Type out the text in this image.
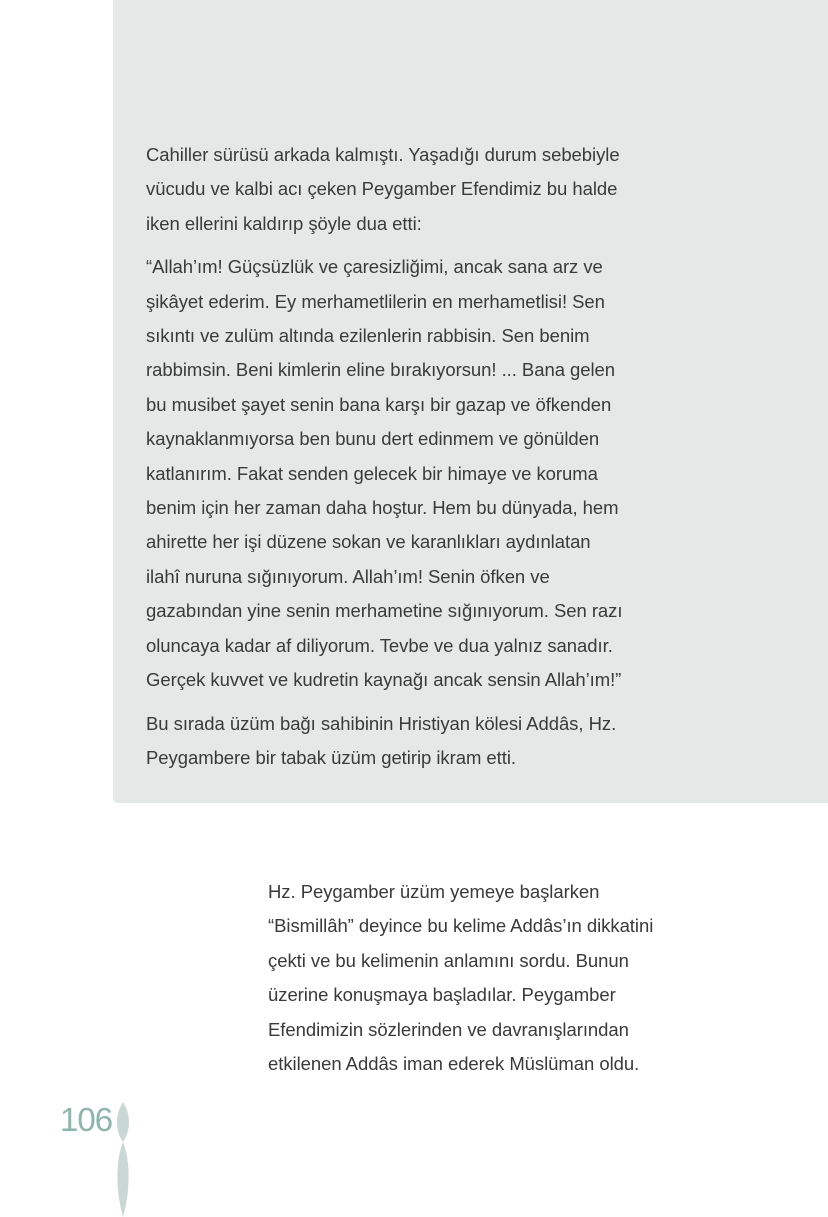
Cahiller sürüsü arkada kalmıştı. Yaşadığı durum sebebiyle
vücudu ve kalbi acı çeken Peygamber Efendimiz bu halde
iken ellerini kaldırıp şöyle dua etti:

“Allah’ım! Güçsüzlük ve çaresizliğimi, ancak sana arz ve
şikâyet ederim. Ey merhametlilerin en merhametlisi! Sen
sıkıntı ve zulüm altında ezilenlerin rabbisin. Sen benim
rabbimsin. Beni kimlerin eline bırakıyorsun! ... Bana gelen
bu musibet şayet senin bana karşı bir gazap ve öfkenden
kaynaklanmıyorsa ben bunu dert edinmem ve gönülden
katlanırım. Fakat senden gelecek bir himaye ve koruma
benim için her zaman daha hoştur. Hem bu dünyada, hem
ahirette her işi düzene sokan ve karanlıkları aydınlatan
ilahî nuruna sığınıyorum. Allah’ım! Senin öfken ve
gazabından yine senin merhametine sığınıyorum. Sen razı
oluncaya kadar af diliyorum. Tevbe ve dua yalnız sanadır.
Gerçek kuvvet ve kudretin kaynağı ancak sensin Allah’ım!”

Bu sırada üzüm bağı sahibinin Hristiyan kölesi Addâs, Hz.
Peygambere bir tabak üzüm getirip ikram etti.

Hz. Peygamber üzüm yemeye başlarken
“Bismillâh” deyince bu kelime Addâs’ın dikkatini
çekti ve bu kelimenin anlamını sordu. Bunun
üzerine konuşmaya başladılar. Peygamber
Efendimizin sözlerinden ve davranışlarından
etkilenen Addâs iman ederek Müslüman oldu.

106
